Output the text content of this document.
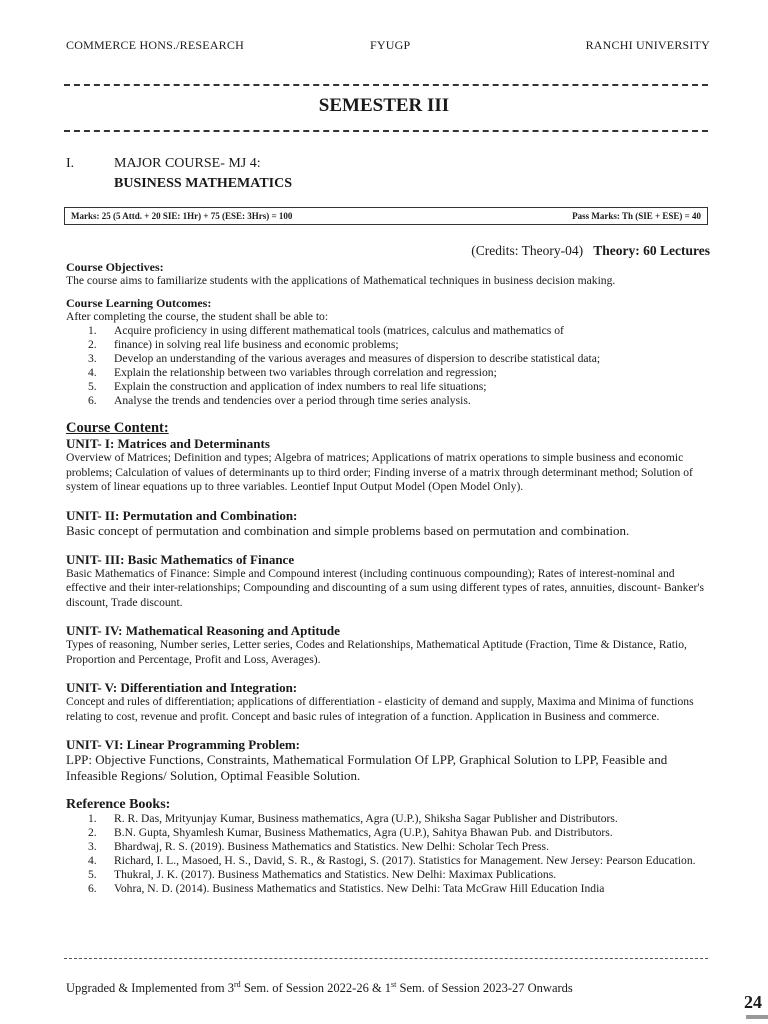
COMMERCE HONS./RESEARCH	FYUGP	RANCHI UNIVERSITY
SEMESTER III
I.	MAJOR COURSE- MJ 4:
BUSINESS MATHEMATICS
Marks: 25 (5 Attd. + 20 SIE: 1Hr) + 75 (ESE: 3Hrs) = 100	Pass Marks: Th (SIE + ESE) = 40
(Credits: Theory-04) Theory: 60 Lectures

Course Objectives:

The course aims to familiarize students with the applications of Mathematical techniques in business decision making.

Course Learning Outcomes:

After completing the course, the student shall be able to:

1. Acquire proficiency in using different mathematical tools (matrices, calculus and mathematics of
2. finance) in solving real life business and economic problems;
3. Develop an understanding of the various averages and measures of dispersion to describe statistical data;
4. Explain the relationship between two variables through correlation and regression;
5. Explain the construction and application of index numbers to real life situations;
6. Analyse the trends and tendencies over a period through time series analysis.

Course Content:

UNIT- I: Matrices and Determinants

Overview of Matrices; Definition and types; Algebra of matrices; Applications of matrix operations to simple business and economic problems; Calculation of values of determinants up to third order; Finding inverse of a matrix through determinant method; Solution of system of linear equations up to three variables. Leontief Input Output Model (Open Model Only).

UNIT- II: Permutation and Combination:

Basic concept of permutation and combination and simple problems based on permutation and combination.

UNIT- III: Basic Mathematics of Finance

Basic Mathematics of Finance: Simple and Compound interest (including continuous compounding); Rates of interest-nominal and effective and their inter-relationships; Compounding and discounting of a sum using different types of rates, annuities, discount- Banker's discount, Trade discount.

UNIT- IV: Mathematical Reasoning and Aptitude

Types of reasoning, Number series, Letter series, Codes and Relationships, Mathematical Aptitude (Fraction, Time & Distance, Ratio, Proportion and Percentage, Profit and Loss, Averages).

UNIT- V: Differentiation and Integration:

Concept and rules of differentiation; applications of differentiation - elasticity of demand and supply, Maxima and Minima of functions relating to cost, revenue and profit. Concept and basic rules of integration of a function. Application in Business and commerce.

UNIT- VI: Linear Programming Problem:

LPP: Objective Functions, Constraints, Mathematical Formulation Of LPP, Graphical Solution to LPP, Feasible and Infeasible Regions/ Solution, Optimal Feasible Solution.

Reference Books:

1. R. R. Das, Mrityunjay Kumar, Business mathematics, Agra (U.P.), Shiksha Sagar Publisher and Distributors.
2. B.N. Gupta, Shyamlesh Kumar, Business Mathematics, Agra (U.P.), Sahitya Bhawan Pub. and Distributors.
3. Bhardwaj, R. S. (2019). Business Mathematics and Statistics. New Delhi: Scholar Tech Press.
4. Richard, I. L., Masoed, H. S., David, S. R., & Rastogi, S. (2017). Statistics for Management. New Jersey: Pearson Education.
5. Thukral, J. K. (2017). Business Mathematics and Statistics. New Delhi: Maximax Publications.
6. Vohra, N. D. (2014). Business Mathematics and Statistics. New Delhi: Tata McGraw Hill Education India
Upgraded & Implemented from 3rd Sem. of Session 2022-26 & 1st Sem. of Session 2023-27 Onwards
24
